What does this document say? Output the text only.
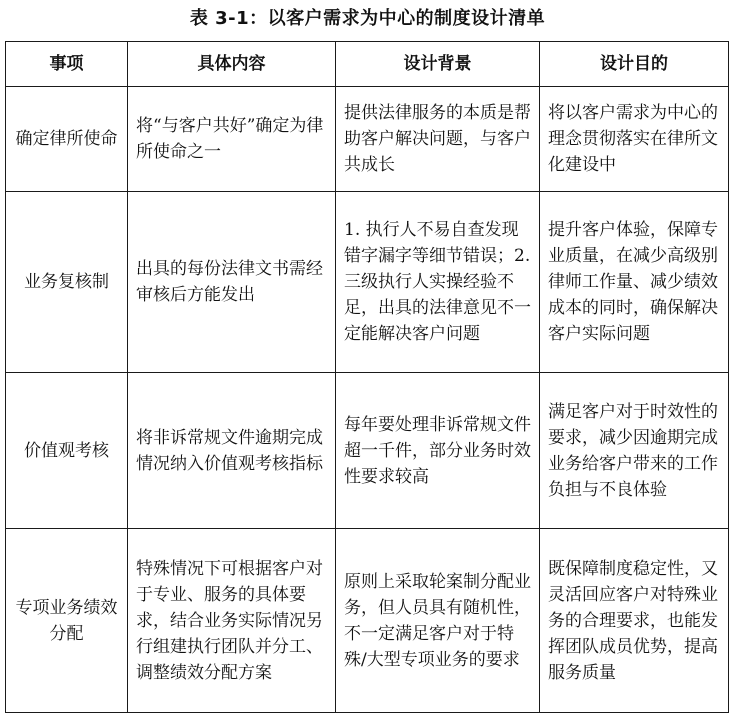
表 3-1：以客户需求为中心的制度设计清单
事项	具体内容	设计背景	设计目的
确定律所使命	将“与客户共好”确定为律所使命之一	提供法律服务的本质是帮助客户解决问题，与客户共成长	将以客户需求为中心的理念贯彻落实在律所文化建设中
业务复核制	出具的每份法律文书需经审核后方能发出	1. 执行人不易自查发现错字漏字等细节错误；2. 三级执行人实操经验不足，出具的法律意见不一定能解决客户问题	提升客户体验，保障专业质量，在减少高级别律师工作量、减少绩效成本的同时，确保解决客户实际问题
价值观考核	将非诉常规文件逾期完成情况纳入价值观考核指标	每年要处理非诉常规文件超一千件，部分业务时效性要求较高	满足客户对于时效性的要求，减少因逾期完成业务给客户带来的工作负担与不良体验
专项业务绩效分配	特殊情况下可根据客户对于专业、服务的具体要求，结合业务实际情况另行组建执行团队并分工、调整绩效分配方案	原则上采取轮案制分配业务，但人员具有随机性，不一定满足客户对于特殊/大型专项业务的要求	既保障制度稳定性，又灵活回应客户对特殊业务的合理要求，也能发挥团队成员优势，提高服务质量
